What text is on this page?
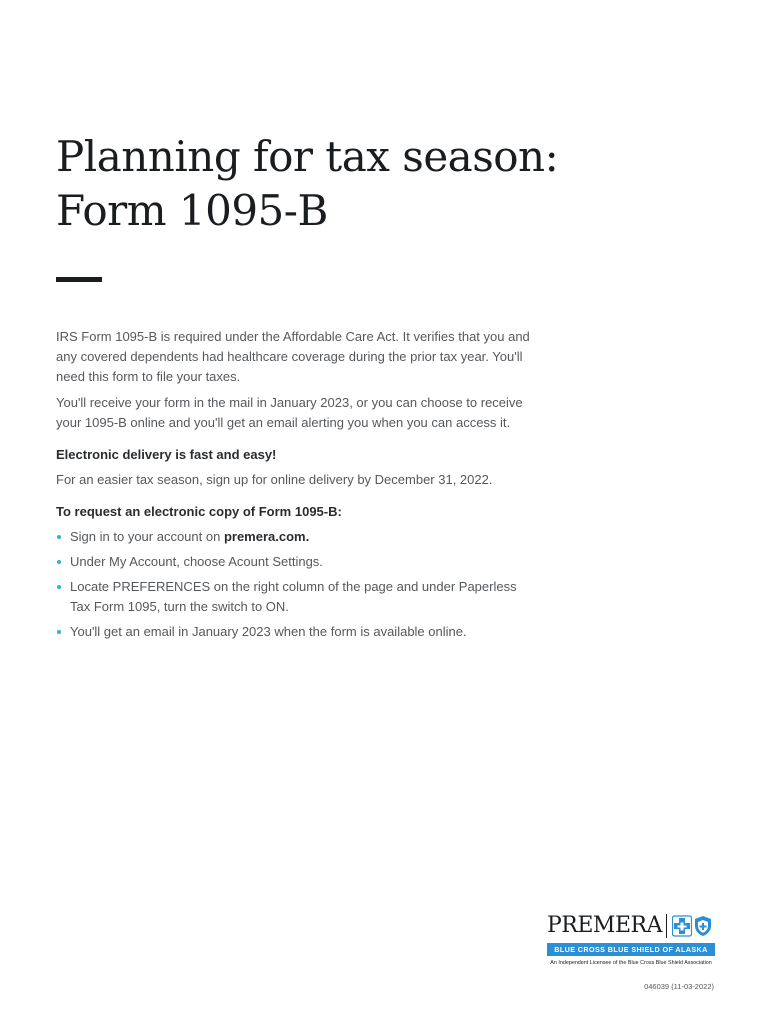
Planning for tax season:
Form 1095-B

IRS Form 1095-B is required under the Affordable Care Act. It verifies that you and any covered dependents had healthcare coverage during the prior tax year. You'll need this form to file your taxes.

You'll receive your form in the mail in January 2023, or you can choose to receive your 1095-B online and you'll get an email alerting you when you can access it.

Electronic delivery is fast and easy!

For an easier tax season, sign up for online delivery by December 31, 2022.

To request an electronic copy of Form 1095-B:
Sign in to your account on premera.com.
Under My Account, choose Acount Settings.
Locate PREFERENCES on the right column of the page and under Paperless Tax Form 1095, turn the switch to ON.
You'll get an email in January 2023 when the form is available online.
PREMERA
BLUE CROSS BLUE SHIELD OF ALASKA
An Independent Licensee of the Blue Cross Blue Shield Association
046039 (11-03-2022)
